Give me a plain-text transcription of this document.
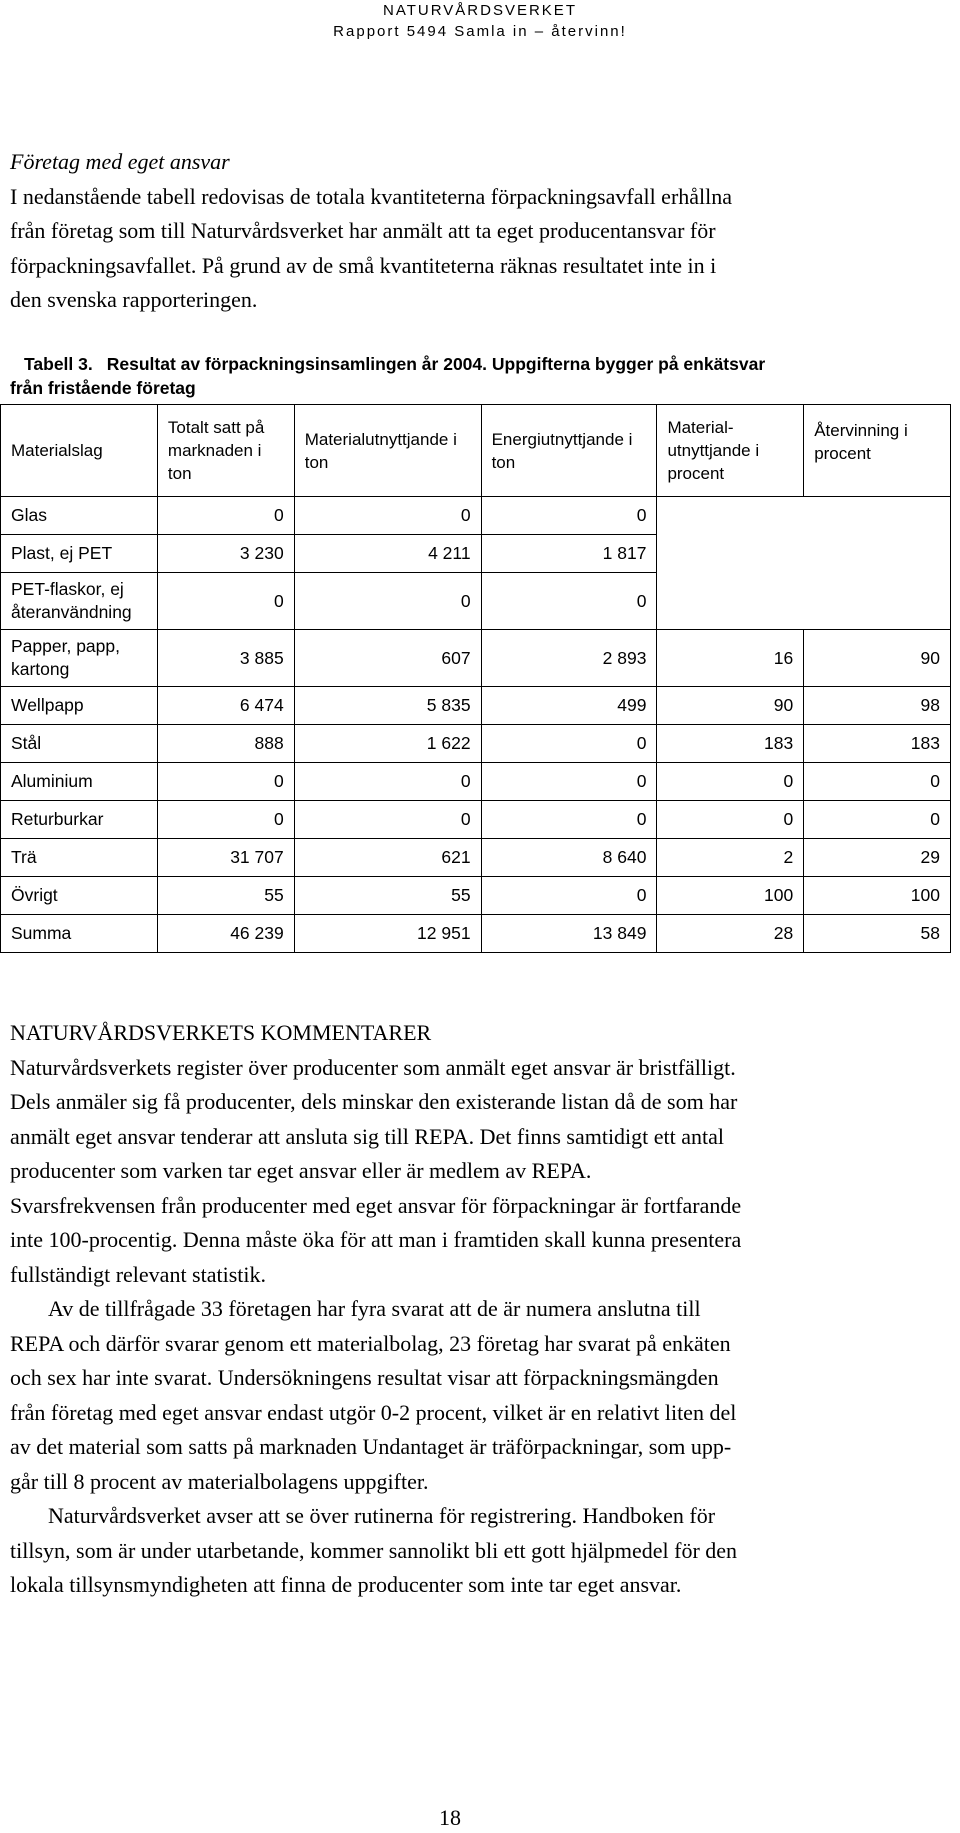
NATURVÅRDSVERKET
Rapport 5494 Samla in – återvinn!
Företag med eget ansvar
I nedanstående tabell redovisas de totala kvantiteterna förpackningsavfall erhållna
från företag som till Naturvårdsverket har anmält att ta eget producentansvar för
förpackningsavfallet. På grund av de små kvantiteterna räknas resultatet inte in i
den svenska rapporteringen.
Tabell 3. Resultat av förpackningsinsamlingen år 2004. Uppgifterna bygger på enkätsvar
från fristående företag
Materialslag	Totalt satt på marknaden i ton	Materialutnyttjande i ton	Energiutnyttjande i ton	Material-utnyttjande i procent	Återvinning i procent
Glas	0	0	0		
Plast, ej PET	3 230	4 211	1 817		
PET-flaskor, ej återanvändning	0	0	0		
Papper, papp, kartong	3 885	607	2 893	16	90
Wellpapp	6 474	5 835	499	90	98
Stål	888	1 622	0	183	183
Aluminium	0	0	0	0	0
Returburkar	0	0	0	0	0
Trä	31 707	621	8 640	2	29
Övrigt	55	55	0	100	100
Summa	46 239	12 951	13 849	28	58
NATURVÅRDSVERKETS KOMMENTARER
Naturvårdsverkets register över producenter som anmält eget ansvar är bristfälligt.
Dels anmäler sig få producenter, dels minskar den existerande listan då de som har
anmält eget ansvar tenderar att ansluta sig till REPA. Det finns samtidigt ett antal
producenter som varken tar eget ansvar eller är medlem av REPA.
Svarsfrekvensen från producenter med eget ansvar för förpackningar är fortfarande
inte 100-procentig. Denna måste öka för att man i framtiden skall kunna presentera
fullständigt relevant statistik.
Av de tillfrågade 33 företagen har fyra svarat att de är numera anslutna till
REPA och därför svarar genom ett materialbolag, 23 företag har svarat på enkäten
och sex har inte svarat. Undersökningens resultat visar att förpackningsmängden
från företag med eget ansvar endast utgör 0-2 procent, vilket är en relativt liten del
av det material som satts på marknaden Undantaget är träförpackningar, som upp-
går till 8 procent av materialbolagens uppgifter.
Naturvårdsverket avser att se över rutinerna för registrering. Handboken för
tillsyn, som är under utarbetande, kommer sannolikt bli ett gott hjälpmedel för den
lokala tillsynsmyndigheten att finna de producenter som inte tar eget ansvar.
18
